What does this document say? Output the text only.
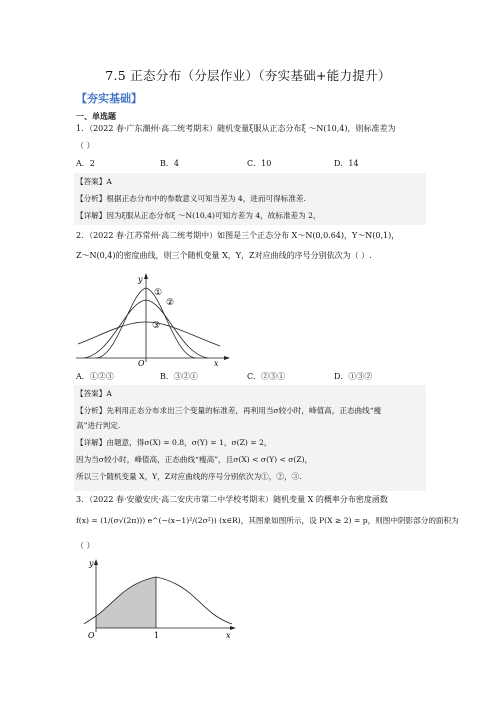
7.5 正态分布（分层作业）（夯实基础+能力提升）
【夯实基础】
一、单选题
1．（2022 春·广东潮州·高二统考期末）随机变量ξ服从正态分布ξ ～N(10,4)，则标准差为
（ ）
A．2	B．4	C．10	D．14
【答案】A
【分析】根据正态分布中的参数意义可知当差为 4，进而可得标准差.
【详解】因为ξ服从正态分布ξ ～N(10,4)可知方差为 4，故标准差为 2，
2．（2022 春·江苏常州·高二统考期中）如图是三个正态分布 X～N(0,0.64)，Y～N(0,1)，
Z～N(0,4)的密度曲线，则三个随机变量 X，Y，Z对应曲线的序号分别依次为（ ）.
y
x
O
①
②
③
A．①②③	B．③②①	C．②③①	D．①③②
【答案】A
【分析】先利用正态分布求出三个变量的标准差，再利用当σ较小时，峰值高，正态曲线“瘦
高”进行判定.
【详解】由题意，得σ(X) = 0.8，σ(Y) = 1，σ(Z) = 2，
因为当σ较小时，峰值高，正态曲线“瘦高”，且σ(X) < σ(Y) < σ(Z)，
所以三个随机变量 X，Y，Z对应曲线的序号分别依次为①，②，③.
3．（2022 春·安徽安庆·高二安庆市第二中学校考期末）随机变量 X 的概率分布密度函数
f(x) = (1/(σ√(2π))) e^(−(x−1)²/(2σ²)) (x∈R)，其图象如图所示，设 P(X ≥ 2) = p，则图中阴影部分的面积为
（ ）
y
x
O	1
